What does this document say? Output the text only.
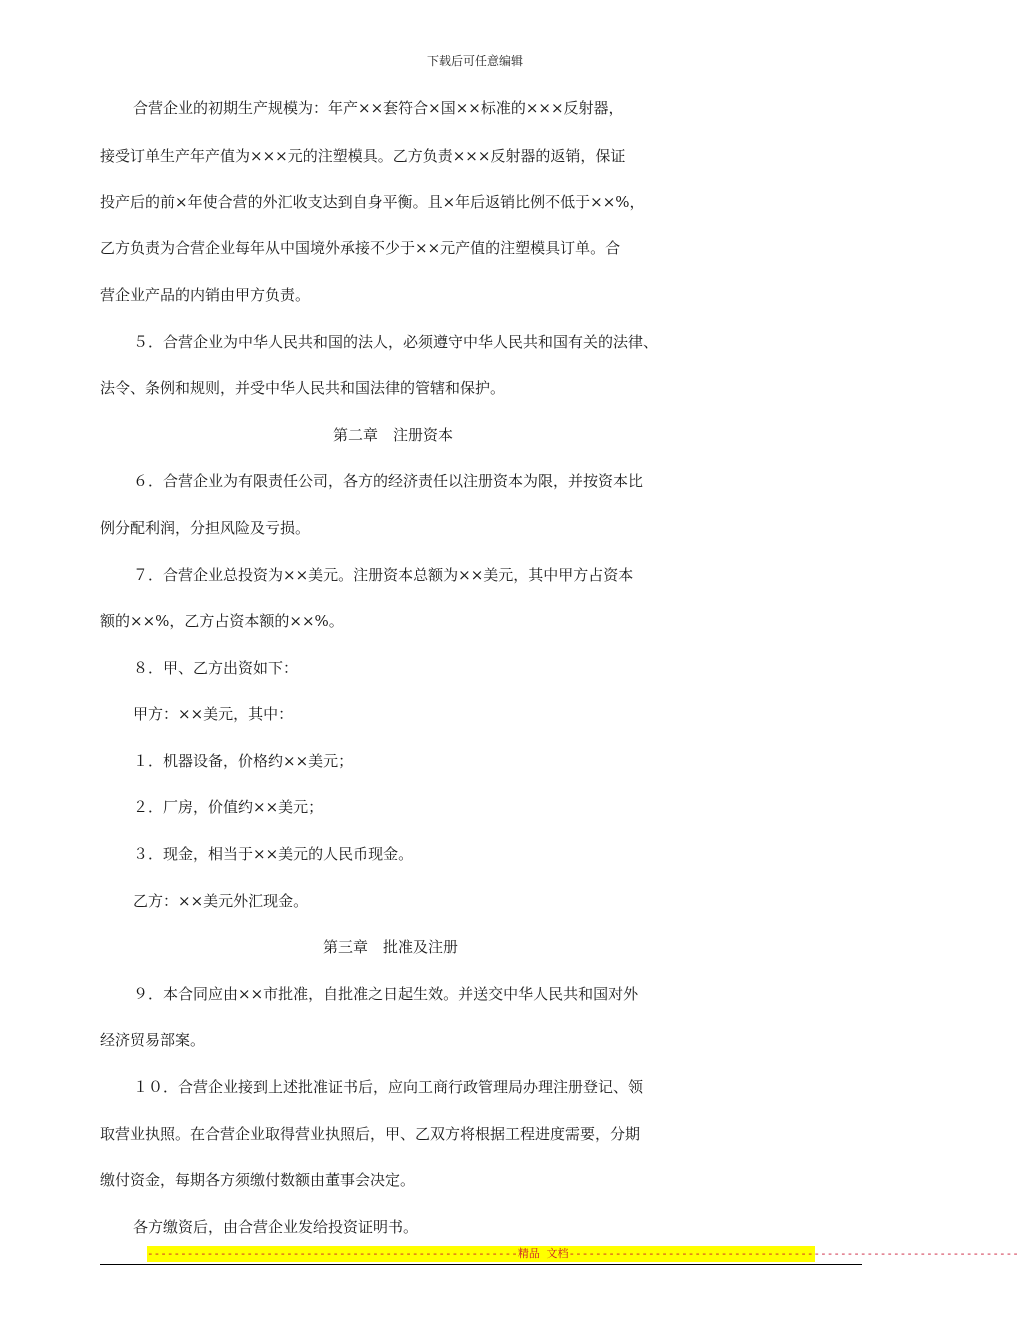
下载后可任意编辑
合营企业的初期生产规模为：年产××套符合×国××标准的×××反射器，
接受订单生产年产值为×××元的注塑模具。乙方负责×××反射器的返销，保证
投产后的前×年使合营的外汇收支达到自身平衡。且×年后返销比例不低于××%，
乙方负责为合营企业每年从中国境外承接不少于××元产值的注塑模具订单。合
营企业产品的内销由甲方负责。
５．合营企业为中华人民共和国的法人，必须遵守中华人民共和国有关的法律、
法令、条例和规则，并受中华人民共和国法律的管辖和保护。
第二章　注册资本
６．合营企业为有限责任公司，各方的经济责任以注册资本为限，并按资本比
例分配利润，分担风险及亏损。
７．合营企业总投资为××美元。注册资本总额为××美元，其中甲方占资本
额的××%，乙方占资本额的××%。
８．甲、乙方出资如下：
甲方：××美元，其中：
１．机器设备，价格约××美元；
２．厂房，价值约××美元；
３．现金，相当于××美元的人民币现金。
乙方：××美元外汇现金。
第三章　批准及注册
９．本合同应由××市批准，自批准之日起生效。并送交中华人民共和国对外
经济贸易部案。
１０．合营企业接到上述批准证书后，应向工商行政管理局办理注册登记、领
取营业执照。在合营企业取得营业执照后，甲、乙双方将根据工程进度需要，分期
缴付资金，每期各方须缴付数额由董事会决定。
各方缴资后，由合营企业发给投资证明书。
--------------------------------------------------------精品 文档--------------------------------------------------------------------
